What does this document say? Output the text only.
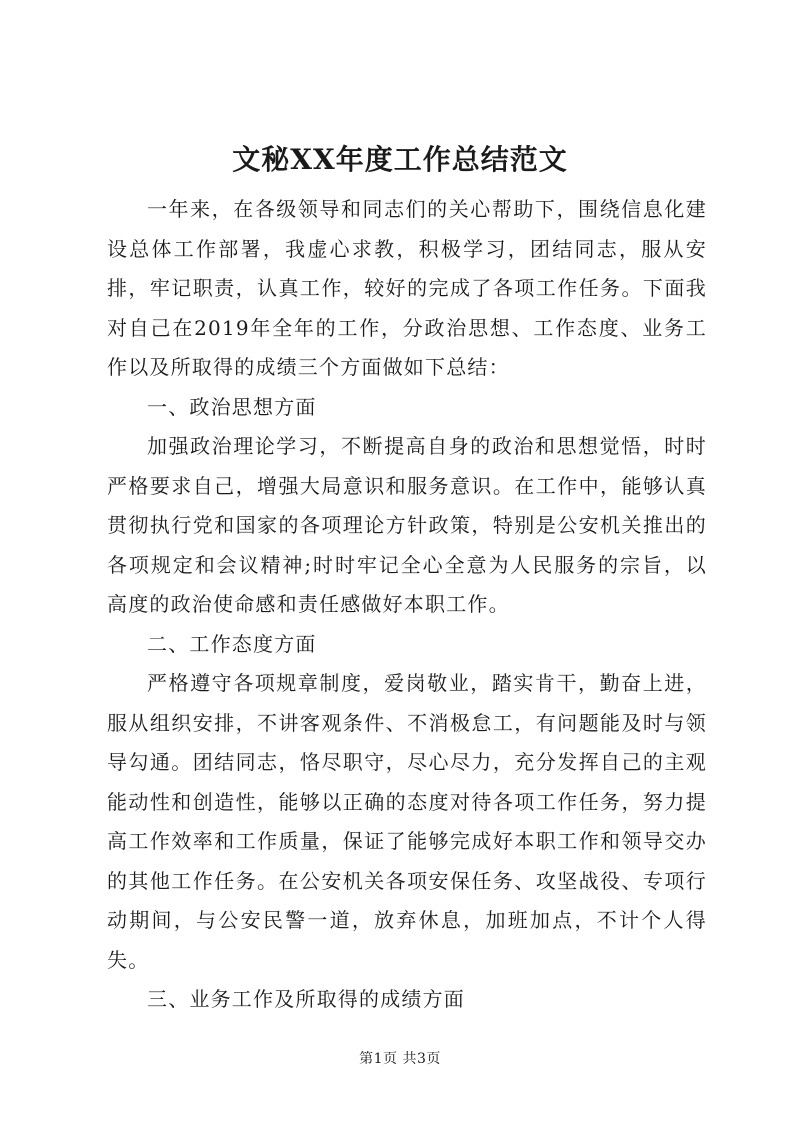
文秘XX年度工作总结范文

一年来，在各级领导和同志们的关心帮助下，围绕信息化建设总体工作部署，我虚心求教，积极学习，团结同志，服从安排，牢记职责，认真工作，较好的完成了各项工作任务。下面我对自己在2019年全年的工作，分政治思想、工作态度、业务工作以及所取得的成绩三个方面做如下总结：

一、政治思想方面

加强政治理论学习，不断提高自身的政治和思想觉悟，时时严格要求自己，增强大局意识和服务意识。在工作中，能够认真贯彻执行党和国家的各项理论方针政策，特别是公安机关推出的各项规定和会议精神;时时牢记全心全意为人民服务的宗旨，以高度的政治使命感和责任感做好本职工作。

二、工作态度方面

严格遵守各项规章制度，爱岗敬业，踏实肯干，勤奋上进，服从组织安排，不讲客观条件、不消极怠工，有问题能及时与领导勾通。团结同志，恪尽职守，尽心尽力，充分发挥自己的主观能动性和创造性，能够以正确的态度对待各项工作任务，努力提高工作效率和工作质量，保证了能够完成好本职工作和领导交办的其他工作任务。在公安机关各项安保任务、攻坚战役、专项行动期间，与公安民警一道，放弃休息，加班加点，不计个人得失。

三、业务工作及所取得的成绩方面

第1页 共3页
